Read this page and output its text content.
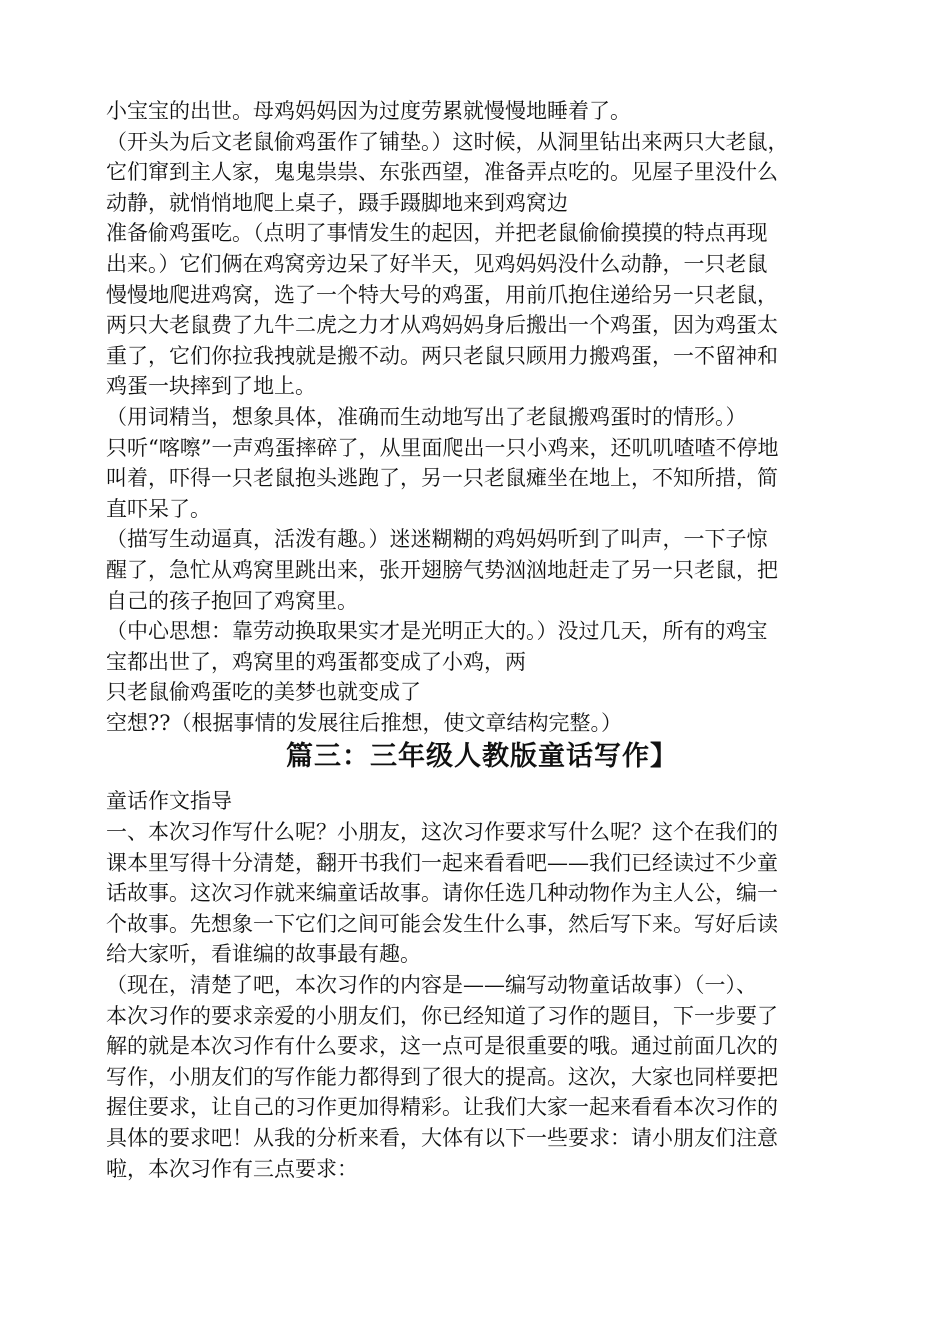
小宝宝的出世。母鸡妈妈因为过度劳累就慢慢地睡着了。
（开头为后文老鼠偷鸡蛋作了铺垫。）这时候，从洞里钻出来两只大老鼠，
它们窜到主人家，鬼鬼祟祟、东张西望，准备弄点吃的。见屋子里没什么
动静，就悄悄地爬上桌子，蹑手蹑脚地来到鸡窝边
准备偷鸡蛋吃。（点明了事情发生的起因，并把老鼠偷偷摸摸的特点再现
出来。）它们俩在鸡窝旁边呆了好半天，见鸡妈妈没什么动静，一只老鼠
慢慢地爬进鸡窝，选了一个特大号的鸡蛋，用前爪抱住递给另一只老鼠，
两只大老鼠费了九牛二虎之力才从鸡妈妈身后搬出一个鸡蛋，因为鸡蛋太
重了，它们你拉我拽就是搬不动。两只老鼠只顾用力搬鸡蛋，一不留神和
鸡蛋一块摔到了地上。
（用词精当，想象具体，准确而生动地写出了老鼠搬鸡蛋时的情形。）
只听“喀嚓”一声鸡蛋摔碎了，从里面爬出一只小鸡来，还叽叽喳喳不停地
叫着，吓得一只老鼠抱头逃跑了，另一只老鼠瘫坐在地上，不知所措，简
直吓呆了。
（描写生动逼真，活泼有趣。）迷迷糊糊的鸡妈妈听到了叫声，一下子惊
醒了，急忙从鸡窝里跳出来，张开翅膀气势汹汹地赶走了另一只老鼠，把
自己的孩子抱回了鸡窝里。
（中心思想：靠劳动换取果实才是光明正大的。）没过几天，所有的鸡宝
宝都出世了，鸡窝里的鸡蛋都变成了小鸡，两
只老鼠偷鸡蛋吃的美梦也就变成了
空想??（根据事情的发展往后推想，使文章结构完整。）
篇三：三年级人教版童话写作】
童话作文指导
一、本次习作写什么呢？小朋友，这次习作要求写什么呢？这个在我们的
课本里写得十分清楚，翻开书我们一起来看看吧——我们已经读过不少童
话故事。这次习作就来编童话故事。请你任选几种动物作为主人公，编一
个故事。先想象一下它们之间可能会发生什么事，然后写下来。写好后读
给大家听，看谁编的故事最有趣。
（现在，清楚了吧，本次习作的内容是——编写动物童话故事）（一）、
本次习作的要求亲爱的小朋友们，你已经知道了习作的题目，下一步要了
解的就是本次习作有什么要求，这一点可是很重要的哦。通过前面几次的
写作，小朋友们的写作能力都得到了很大的提高。这次，大家也同样要把
握住要求，让自己的习作更加得精彩。让我们大家一起来看看本次习作的
具体的要求吧！从我的分析来看，大体有以下一些要求：请小朋友们注意
啦，本次习作有三点要求：
